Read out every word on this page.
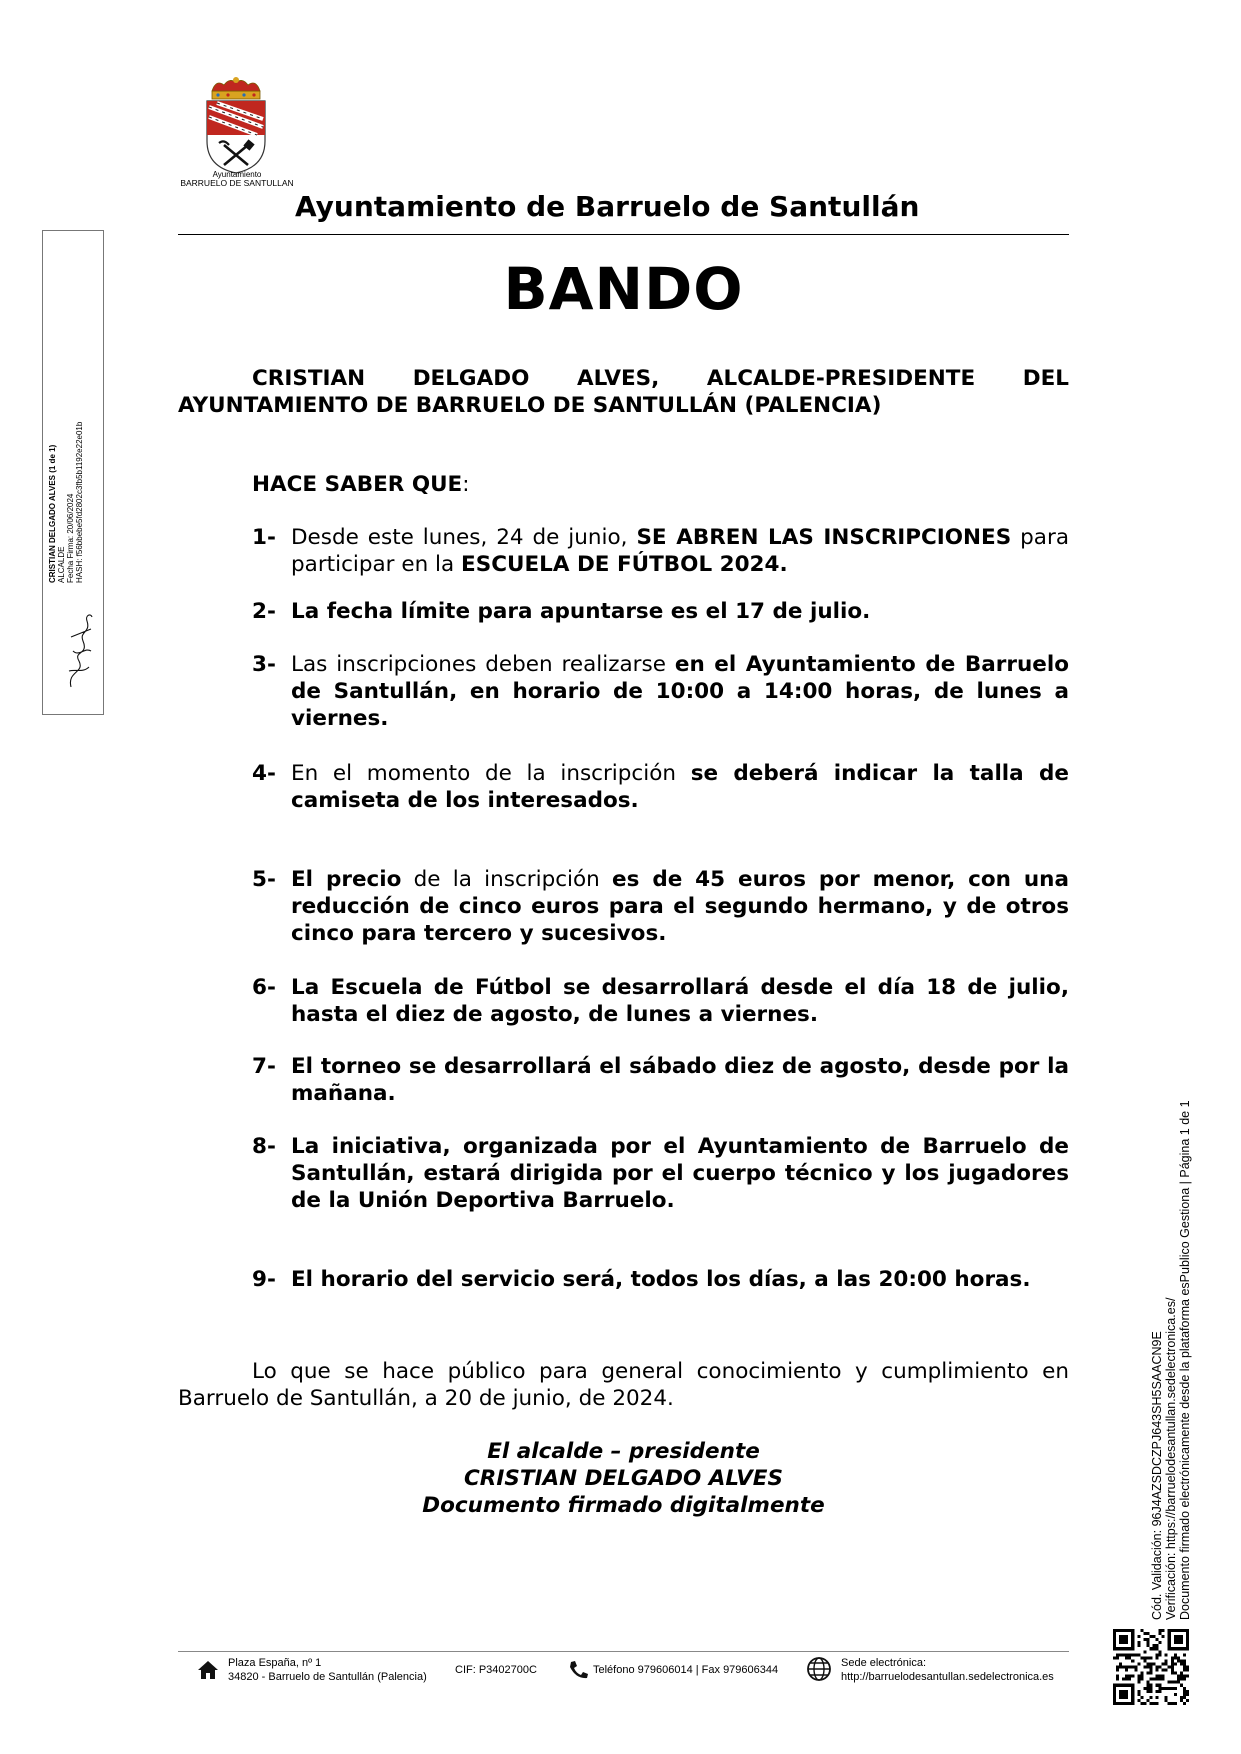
Ayuntamiento
BARRUELO DE SANTULLAN
Ayuntamiento de Barruelo de Santullán
BANDO
CRISTIAN DELGADO ALVES, ALCALDE-PRESIDENTE DEL
AYUNTAMIENTO DE BARRUELO DE SANTULLÁN (PALENCIA)
HACE SABER QUE:
1- Desde este lunes, 24 de junio, SE ABREN LAS INSCRIPCIONES para participar en la ESCUELA DE FÚTBOL 2024.
2- La fecha límite para apuntarse es el 17 de julio.
3- Las inscripciones deben realizarse en el Ayuntamiento de Barruelo de Santullán, en horario de 10:00 a 14:00 horas, de lunes a viernes.
4- En el momento de la inscripción se deberá indicar la talla de camiseta de los interesados.
5- El precio de la inscripción es de 45 euros por menor, con una reducción de cinco euros para el segundo hermano, y de otros cinco para tercero y sucesivos.
6- La Escuela de Fútbol se desarrollará desde el día 18 de julio, hasta el diez de agosto, de lunes a viernes.
7- El torneo se desarrollará el sábado diez de agosto, desde por la mañana.
8- La iniciativa, organizada por el Ayuntamiento de Barruelo de Santullán, estará dirigida por el cuerpo técnico y los jugadores de la Unión Deportiva Barruelo.
9- El horario del servicio será, todos los días, a las 20:00 horas.
Lo que se hace público para general conocimiento y cumplimiento en
Barruelo de Santullán, a 20 de junio, de 2024.
El alcalde – presidente
CRISTIAN DELGADO ALVES
Documento firmado digitalmente
CRISTIAN DELGADO ALVES (1 de 1) ALCALDE Fecha Firma: 20/06/2024 HASH: f56bbebe5fd2802c3fb5b1192e22e01b
Cód. Validación: 96J4AZSDCZPJ643SH5SAACN9E Verificación: https://barruelodesantullan.sedelectronica.es/ Documento firmado electrónicamente desde la plataforma esPublico Gestiona | Página 1 de 1
Plaza España, nº 1
34820 - Barruelo de Santullán (Palencia)
CIF: P3402700C	Teléfono 979606014 | Fax 979606344
Sede electrónica:
http://barruelodesantullan.sedelectronica.es
